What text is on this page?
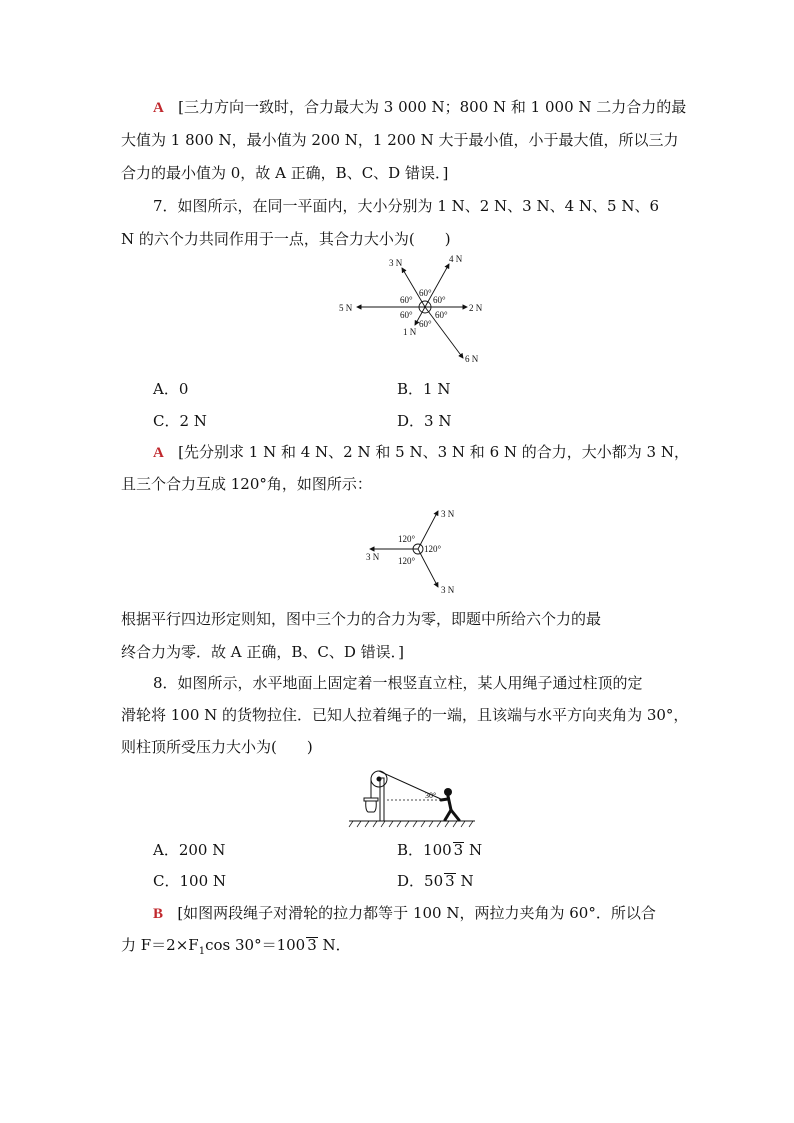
A [三力方向一致时，合力最大为 3 000 N；800 N 和 1 000 N 二力合力的最
大值为 1 800 N，最小值为 200 N，1 200 N 大于最小值，小于最大值，所以三力
合力的最小值为 0，故 A 正确，B、C、D 错误．]
7．如图所示，在同一平面内，大小分别为 1 N、2 N、3 N、4 N、5 N、6
N 的六个力共同作用于一点，其合力大小为(　　)
3 N	4 N
5 N	2 N
1 N
6 N
60°
60° 60°
60° 60°
60°
A．0	B．1 N
C．2 N	D．3 N
A [先分别求 1 N 和 4 N、2 N 和 5 N、3 N 和 6 N 的合力，大小都为 3 N，
且三个合力互成 120°角，如图所示：
3 N
3 N
3 N
120°
120°
120°
根据平行四边形定则知，图中三个力的合力为零，即题中所给六个力的最
终合力为零．故 A 正确，B、C、D 错误．]
8．如图所示，水平地面上固定着一根竖直立柱，某人用绳子通过柱顶的定
滑轮将 100 N 的货物拉住．已知人拉着绳子的一端，且该端与水平方向夹角为 30°，
则柱顶所受压力大小为(　　)
30°
A．200 N	B．100 3 N
C．100 N	D．50 3 N
B [如图两段绳子对滑轮的拉力都等于 100 N，两拉力夹角为 60°．所以合
力 $F=2\times F_1\cos$ 30°＝100 3 N．
